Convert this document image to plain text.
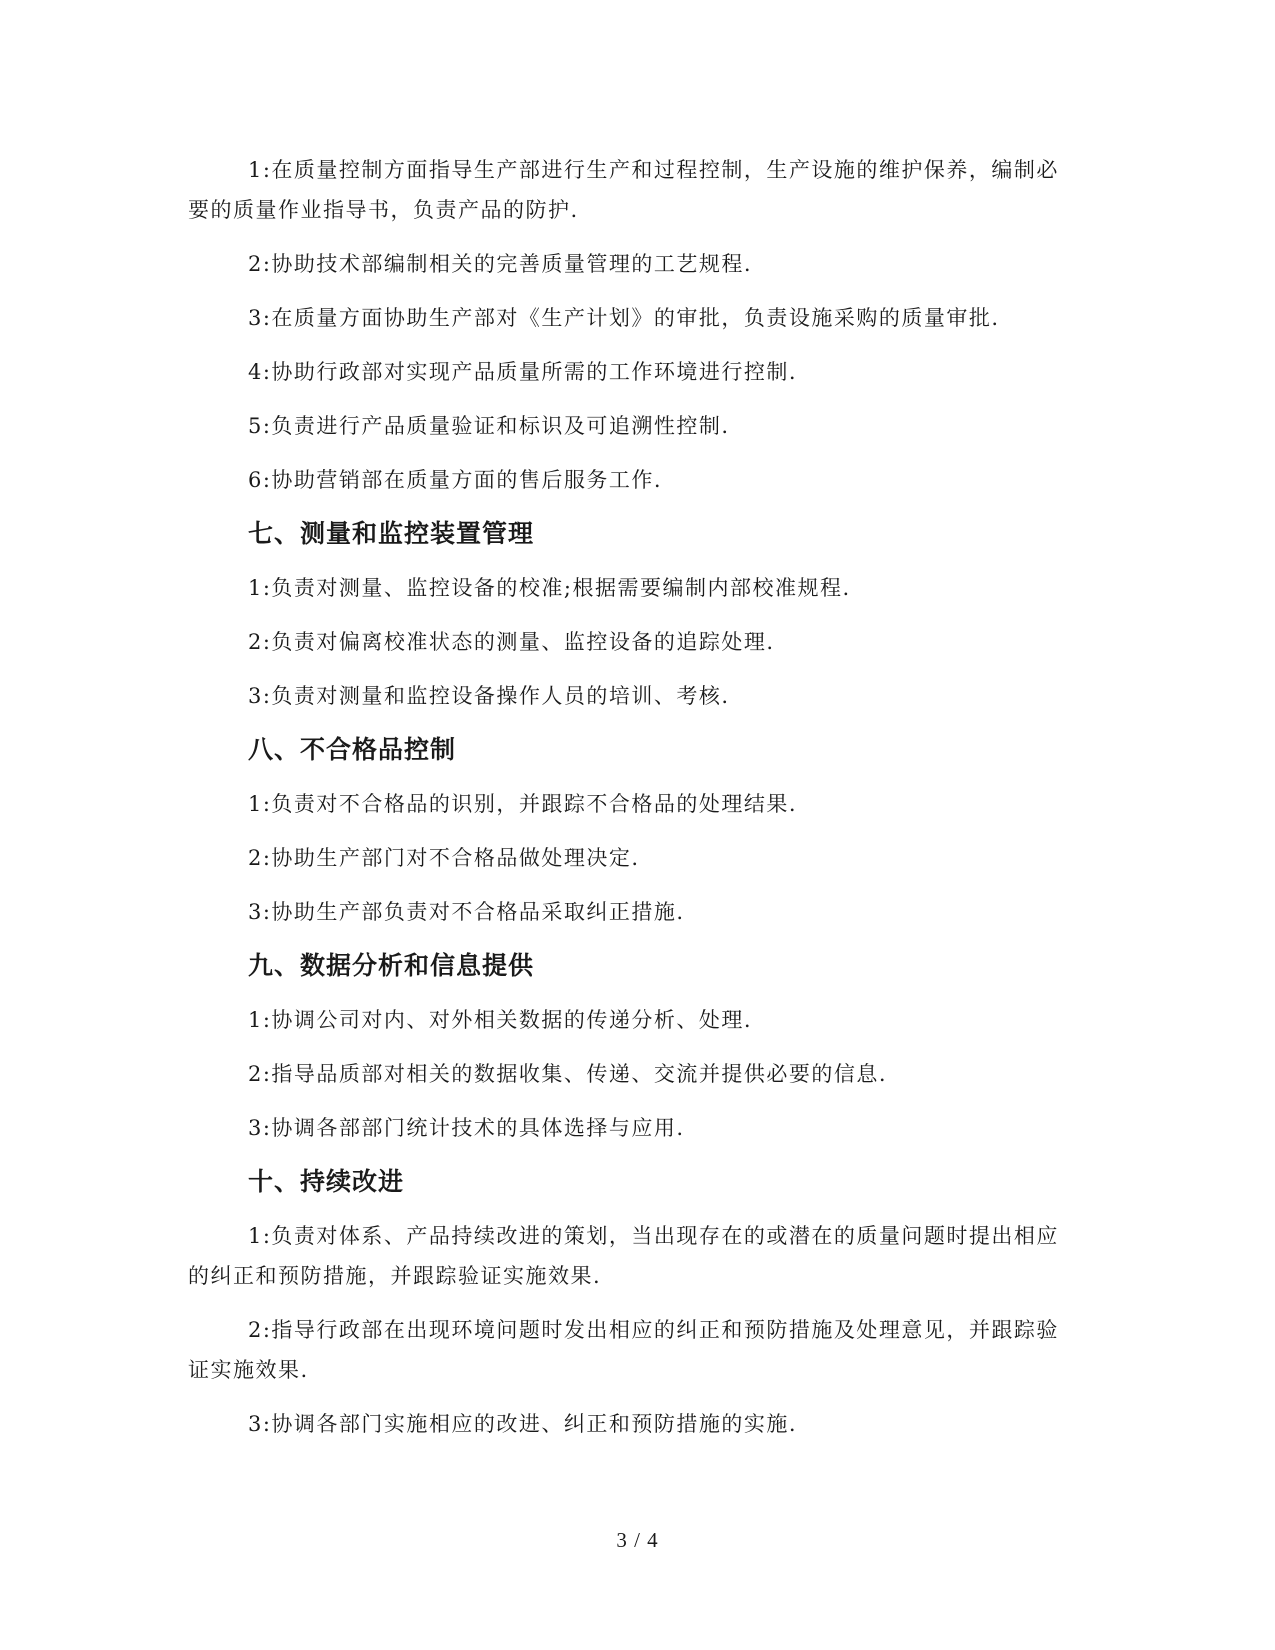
1:在质量控制方面指导生产部进行生产和过程控制，生产设施的维护保养，编制必要的质量作业指导书，负责产品的防护.

2:协助技术部编制相关的完善质量管理的工艺规程.

3:在质量方面协助生产部对《生产计划》的审批，负责设施采购的质量审批.

4:协助行政部对实现产品质量所需的工作环境进行控制.

5:负责进行产品质量验证和标识及可追溯性控制.

6:协助营销部在质量方面的售后服务工作.

七、测量和监控装置管理

1:负责对测量、监控设备的校准;根据需要编制内部校准规程.

2:负责对偏离校准状态的测量、监控设备的追踪处理.

3:负责对测量和监控设备操作人员的培训、考核.

八、不合格品控制

1:负责对不合格品的识别，并跟踪不合格品的处理结果.

2:协助生产部门对不合格品做处理决定.

3:协助生产部负责对不合格品采取纠正措施.

九、数据分析和信息提供

1:协调公司对内、对外相关数据的传递分析、处理.

2:指导品质部对相关的数据收集、传递、交流并提供必要的信息.

3:协调各部部门统计技术的具体选择与应用.

十、持续改进

1:负责对体系、产品持续改进的策划，当出现存在的或潜在的质量问题时提出相应的纠正和预防措施，并跟踪验证实施效果.

2:指导行政部在出现环境问题时发出相应的纠正和预防措施及处理意见，并跟踪验证实施效果.

3:协调各部门实施相应的改进、纠正和预防措施的实施.

3 / 4
